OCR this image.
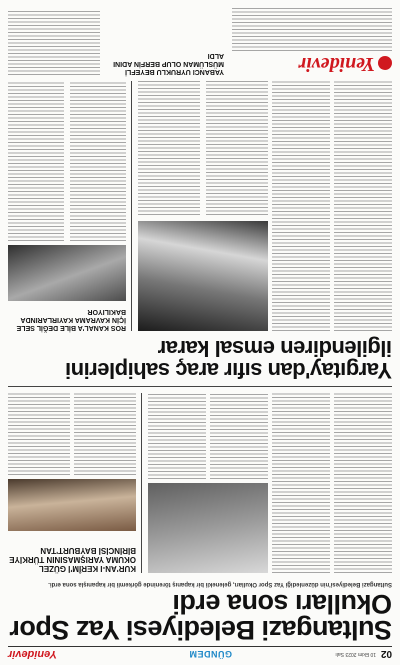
02
10 Ekim 2023 Salı
GÜNDEM
Yenidevir
Sultangazi Belediyesi Yaz Spor Okulları sona erdi
Sultangazi Belediyesi'nin düzenlediği Yaz Spor Okulları, gelenekli bir kapanış töreninde görkemli bir kapanışla sona erdi.
KUR'AN-I KERÎM'İ GÜZEL OKUMA YARIŞMASININ TÜRKİYE BİRİNCİSİ BAYBURT'TAN
Yargıtay'dan sıfır araç sahiplerini ilgilendiren emsal karar
ROS KANAL'A BİLE DEĞİL SELE İÇİN KAVRAMA KAYIRLARINDA BAKILIYOR
YABANCI UYRUKLU BEYEFLİ MÜSLÜMAN OLUP BERFİN ADINI ALDI	Yenidevir
